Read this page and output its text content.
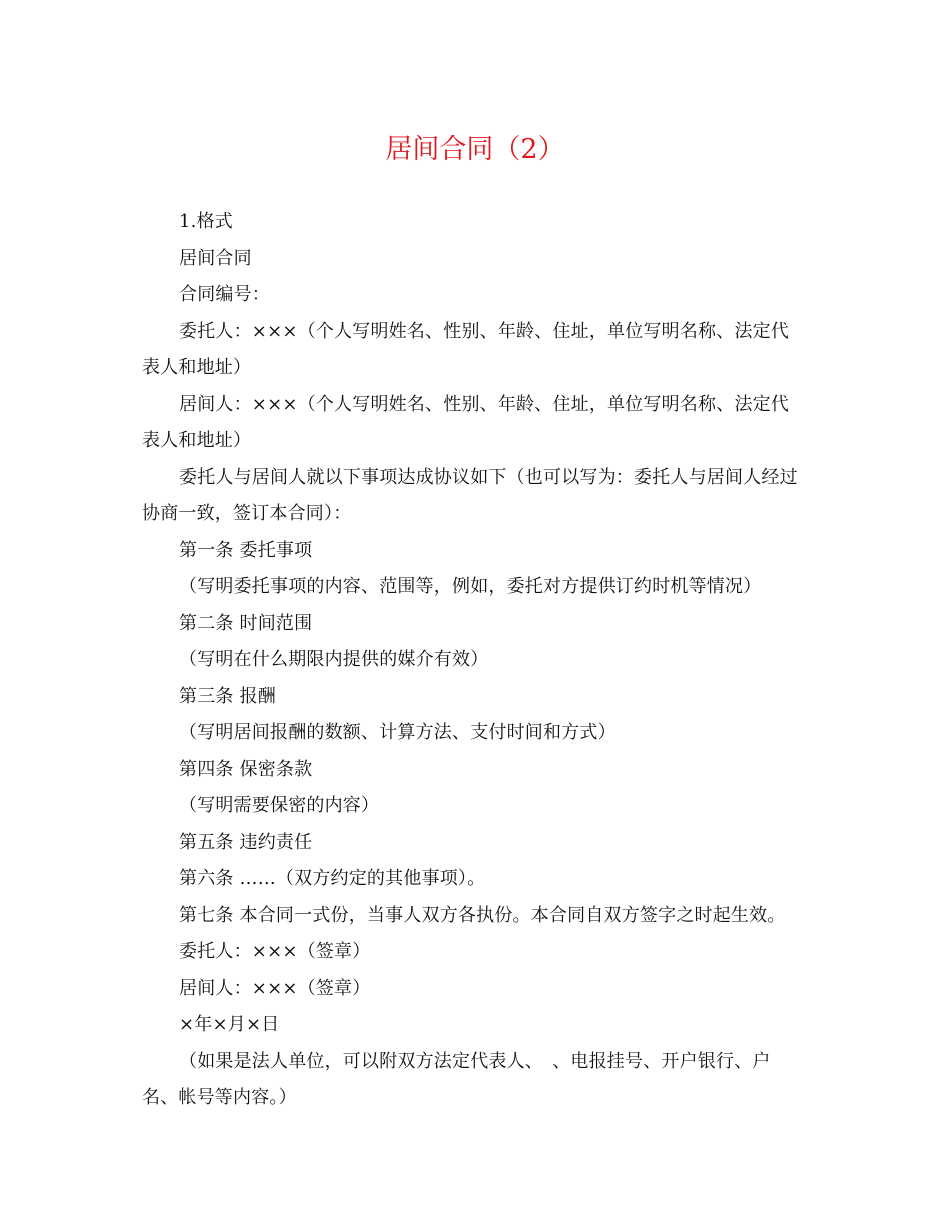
居间合同（2）

1.格式

居间合同

合同编号：

委托人：×××（个人写明姓名、性别、年龄、住址，单位写明名称、法定代表人和地址）

居间人：×××（个人写明姓名、性别、年龄、住址，单位写明名称、法定代表人和地址）

委托人与居间人就以下事项达成协议如下（也可以写为：委托人与居间人经过协商一致，签订本合同）：

第一条 委托事项

（写明委托事项的内容、范围等，例如，委托对方提供订约时机等情况）

第二条 时间范围

（写明在什么期限内提供的媒介有效）

第三条 报酬

（写明居间报酬的数额、计算方法、支付时间和方式）

第四条 保密条款

（写明需要保密的内容）

第五条 违约责任

第六条 ……（双方约定的其他事项）。

第七条 本合同一式份，当事人双方各执份。本合同自双方签字之时起生效。

委托人：×××（签章）

居间人：×××（签章）

×年×月×日

（如果是法人单位，可以附双方法定代表人、　、电报挂号、开户银行、户名、帐号等内容。）
